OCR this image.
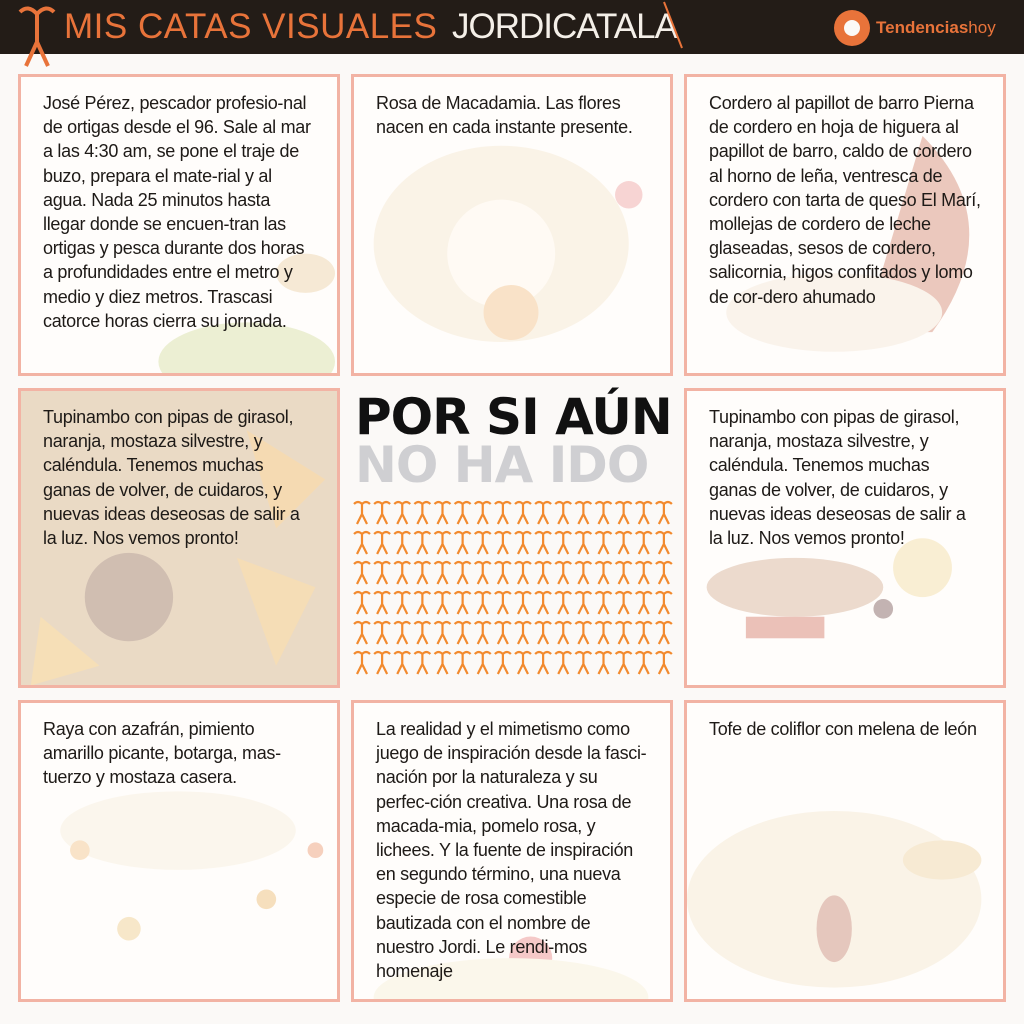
MIS CATAS VISUALES JORDICATALA	Tendenciashoy
José Pérez, pescador profesio-nal de ortigas desde el 96. Sale al mar a las 4:30 am, se pone el traje de buzo, prepara el mate-rial y al agua. Nada 25 minutos hasta llegar donde se encuen-tran las ortigas y pesca durante dos horas a profundidades entre el metro y medio y diez metros. Trascasi catorce horas cierra su jornada.
Rosa de Macadamia. Las flores nacen en cada instante presente.
Cordero al papillot de barro Pierna de cordero en hoja de higuera al papillot de barro, caldo de cordero al horno de leña, ventresca de cordero con tarta de queso El Marí, mollejas de cordero de leche glaseadas, sesos de cordero, salicornia, higos confitados y lomo de cor-dero ahumado
Tupinambo con pipas de girasol, naranja, mostaza silvestre, y caléndula. Tenemos muchas ganas de volver, de cuidaros, y nuevas ideas deseosas de salir a la luz. Nos vemos pronto!
POR SI AÚN
NO HA IDO
Tupinambo con pipas de girasol, naranja, mostaza silvestre, y caléndula. Tenemos muchas ganas de volver, de cuidaros, y nuevas ideas deseosas de salir a la luz. Nos vemos pronto!
Raya con azafrán, pimiento amarillo picante, botarga, mas-tuerzo y mostaza casera.
La realidad y el mimetismo como juego de inspiración desde la fasci-nación por la naturaleza y su perfec-ción creativa. Una rosa de macada-mia, pomelo rosa, y lichees. Y la fuente de inspiración en segundo término, una nueva especie de rosa comestible bautizada con el nombre de nuestro Jordi. Le rendi-mos homenaje
Tofe de coliflor con melena de león
